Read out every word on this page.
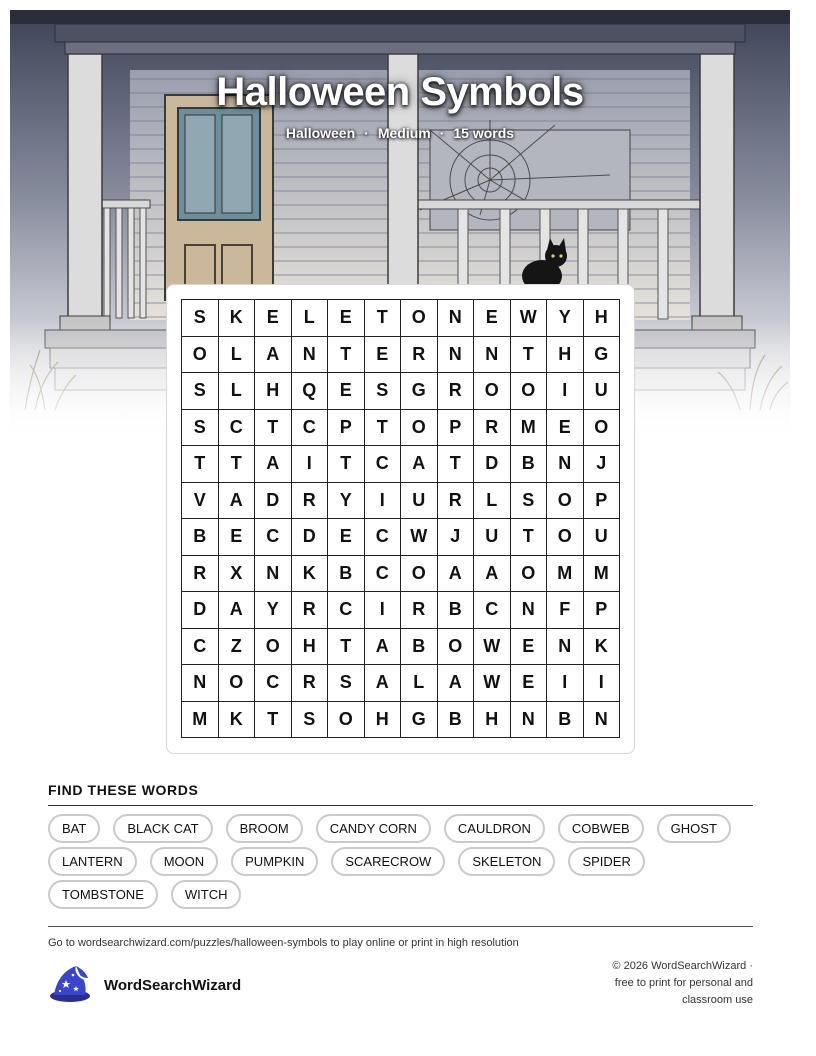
Halloween Symbols
Halloween · Medium · 15 words
S	K	E	L	E	T	O	N	E	W	Y	H
O	L	A	N	T	E	R	N	N	T	H	G
S	L	H	Q	E	S	G	R	O	O	I	U
S	C	T	C	P	T	O	P	R	M	E	O
T	T	A	I	T	C	A	T	D	B	N	J
V	A	D	R	Y	I	U	R	L	S	O	P
B	E	C	D	E	C	W	J	U	T	O	U
R	X	N	K	B	C	O	A	A	O	M	M
D	A	Y	R	C	I	R	B	C	N	F	P
C	Z	O	H	T	A	B	O	W	E	N	K
N	O	C	R	S	A	L	A	W	E	I	I
M	K	T	S	O	H	G	B	H	N	B	N
FIND THESE WORDS
BAT	BLACK CAT	BROOM	CANDY CORN	CAULDRON	COBWEB	GHOST
LANTERN	MOON	PUMPKIN	SCARECROW	SKELETON	SPIDER
TOMBSTONE	WITCH
Go to wordsearchwizard.com/puzzles/halloween-symbols to play online or print in high resolution
WordSearchWizard
© 2026 WordSearchWizard ·
free to print for personal and
classroom use
